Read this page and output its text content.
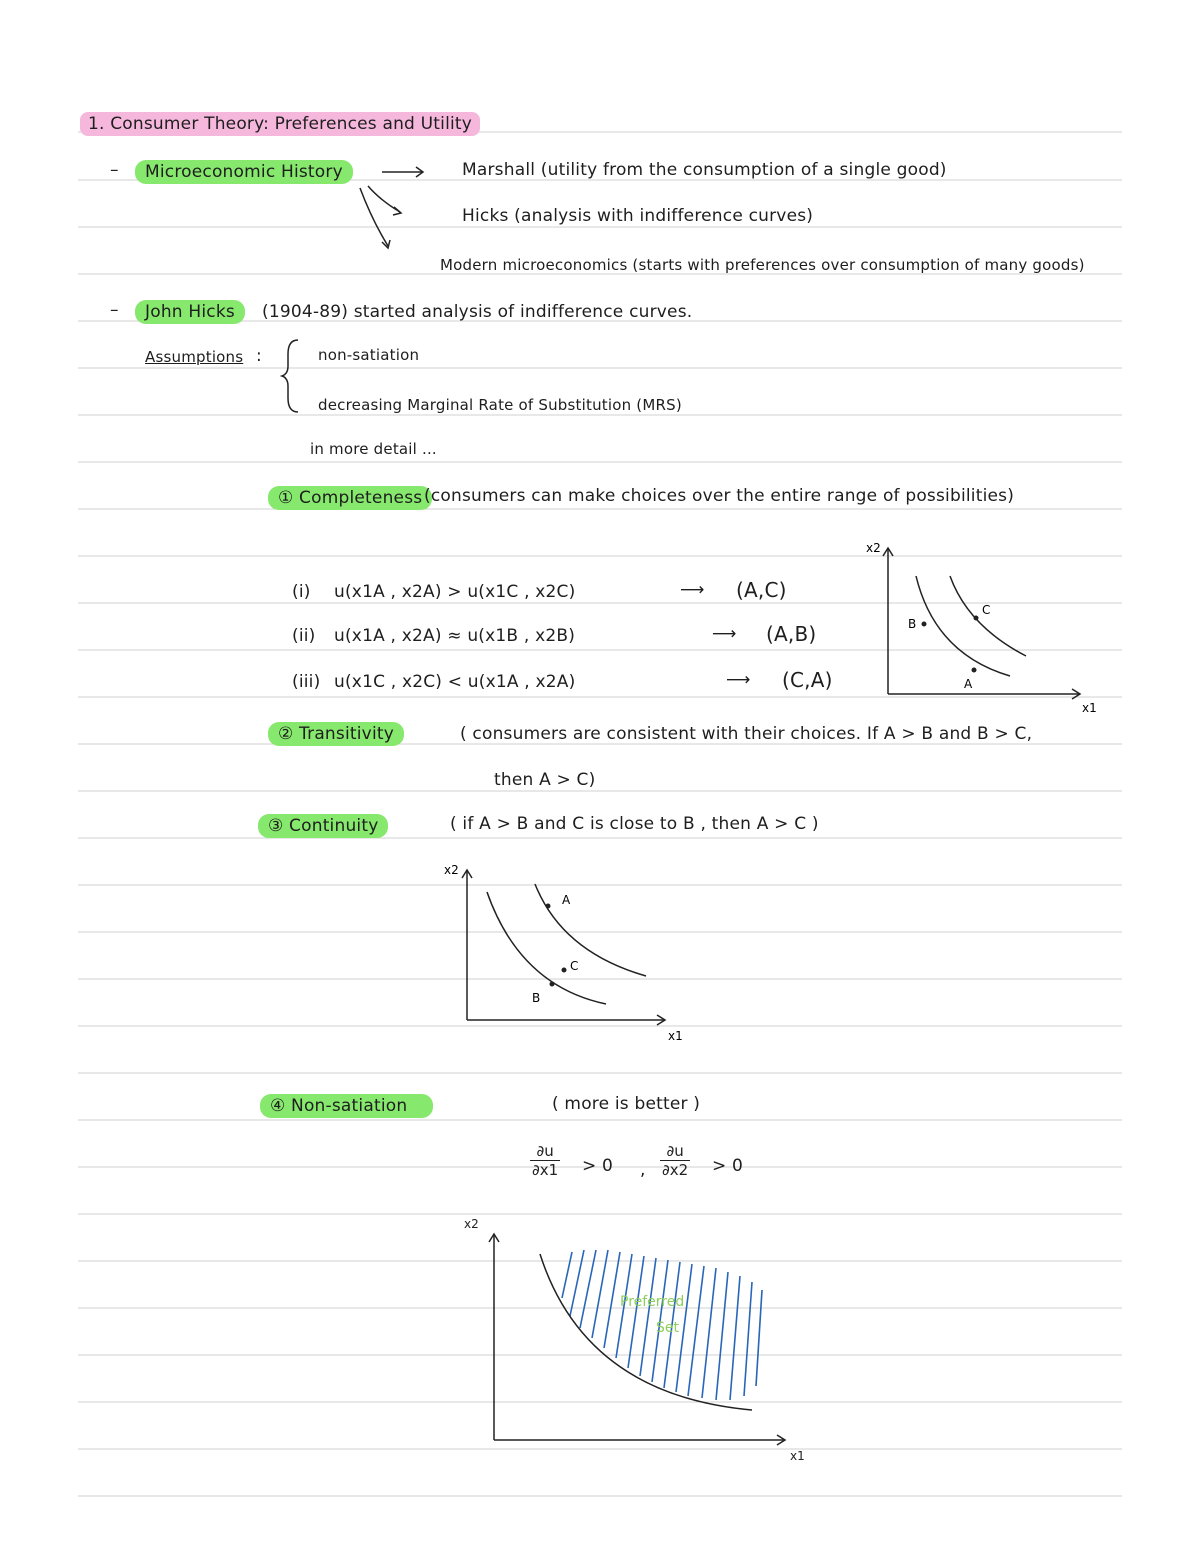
1. Consumer Theory: Preferences and Utility
–	Microeconomic History	Marshall (utility from the consumption of a single good)
Hicks (analysis with indifference curves)
Modern microeconomics (starts with preferences over consumption of many goods)
–	John Hicks	(1904-89) started analysis of indifference curves.
Assumptions :	non-satiation
decreasing Marginal Rate of Substitution (MRS)
in more detail ...
① Completeness (consumers can make choices over the entire range of possibilities)
(i) u(x1A , x2A) > u(x1C , x2C)	⟶ (A,C)
(ii) u(x1A , x2A) ≈ u(x1B , x2B)	⟶ (A,B)
(iii) u(x1C , x2C) < u(x1A , x2A)	⟶ (C,A)
x2
x1
B
C
A
② Transitivity	( consumers are consistent with their choices. If A > B and B > C,
then A > C)
③ Continuity	( if A > B and C is close to B , then A > C )
x2
x1
A
C
B
④ Non-satiation	( more is better )
$\frac{\partial u}{\partial x1} > 0$ , $\frac{\partial u}{\partial x2} > 0$
x2
x1
Preferred
Set
